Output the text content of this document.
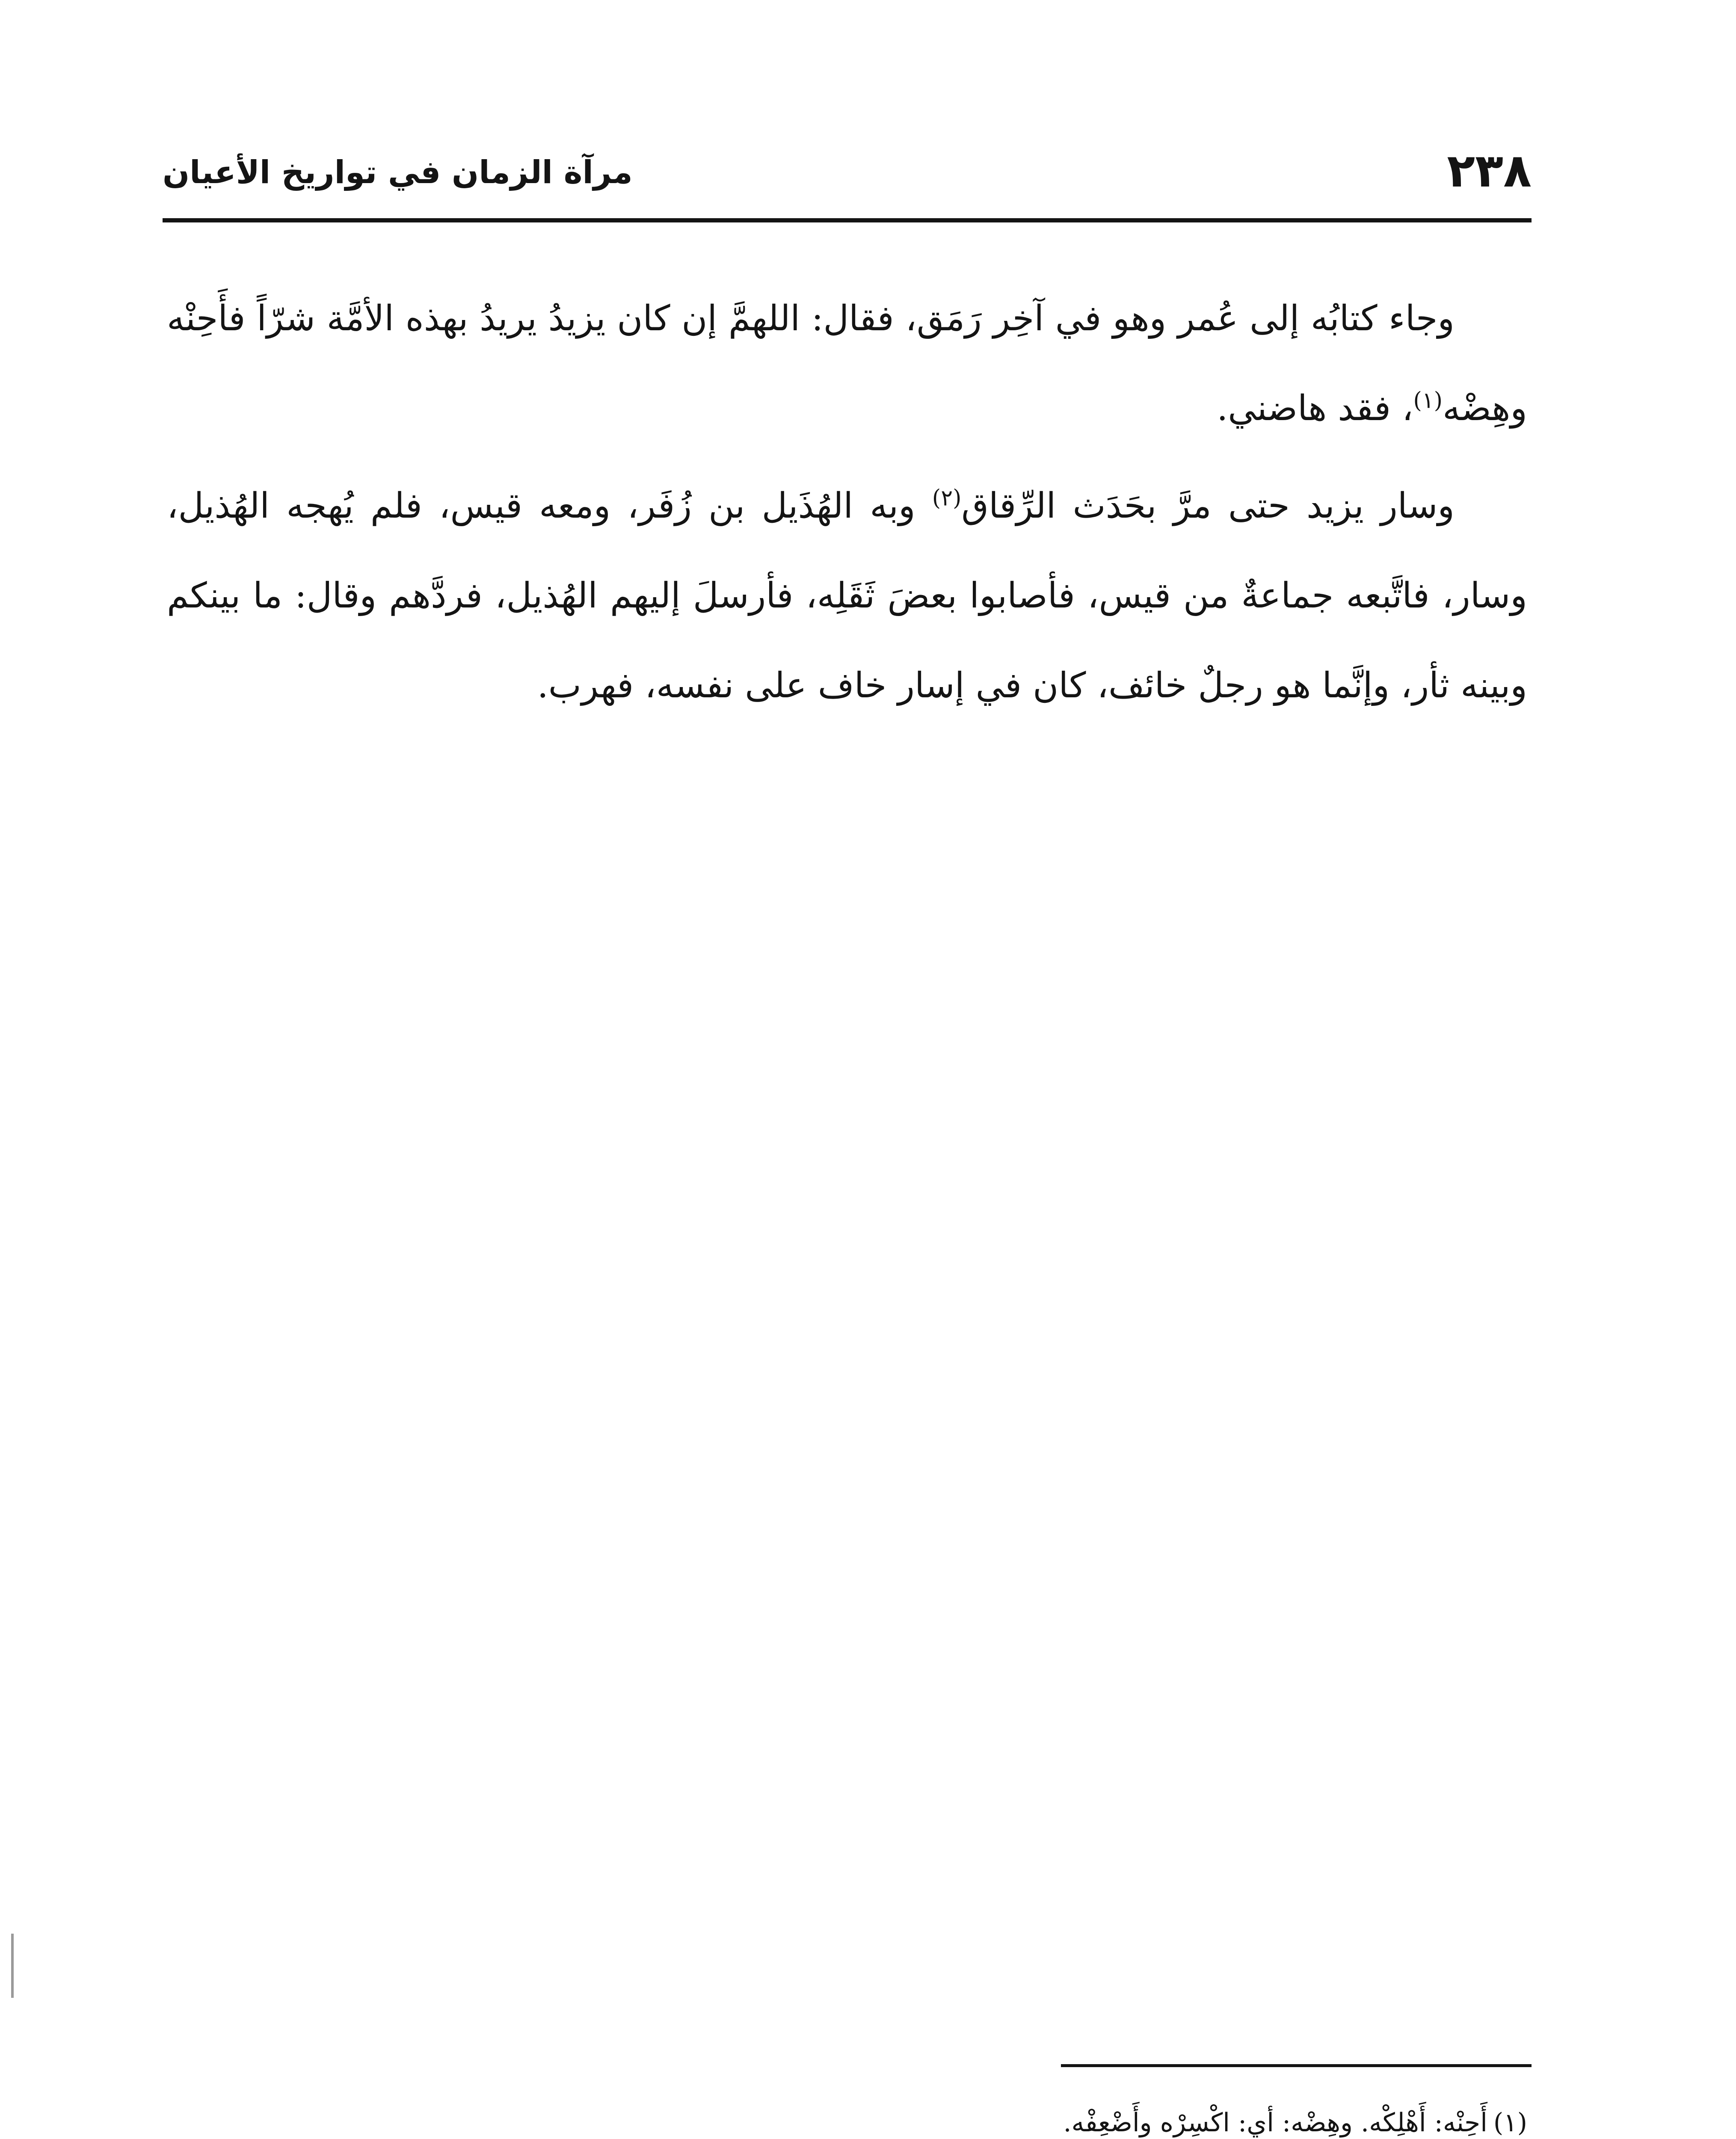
٢٣٨
مرآة الزمان في تواريخ الأعيان

وجاء كتابُه إلى عُمر وهو في آخِر رَمَق، فقال: اللهمَّ إن كان يزيدُ يريدُ بهذه الأمَّة شرّاً فأَحِنْه وهِضْه$^{(١)}$، فقد هاضني.

وسار يزيد حتى مرَّ بحَدَث الرِّقاق$^{(٢)}$ وبه الهُذَيل بن زُفَر، ومعه قيس، فلم يُهجه الهُذيل، وسار، فاتَّبعه جماعةٌ من قيس، فأصابوا بعضَ ثَقَلِه، فأرسلَ إليهم الهُذيل، فردَّهم وقال: ما بينكم وبينه ثأر، وإنَّما هو رجلٌ خائف، كان في إسار خاف على نفسه، فهرب.

(١)أَحِنْه: أَهْلِكْه. وهِضْه: أي: اكْسِرْه وأَضْعِفْه.
